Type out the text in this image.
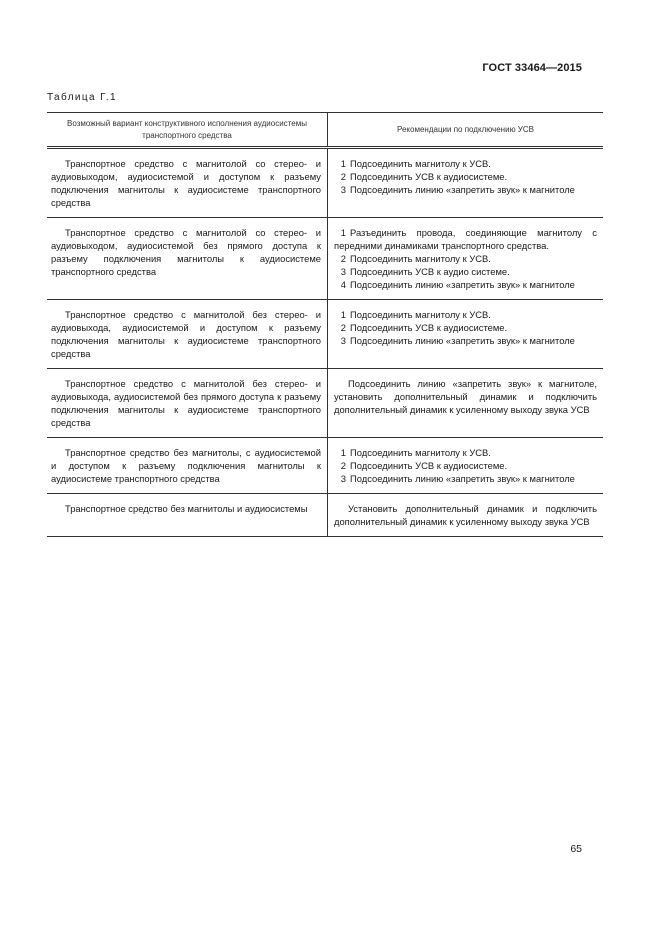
ГОСТ 33464—2015
Таблица Г.1
Возможный вариант конструктивного исполнения аудиосистемы транспортного средства	Рекомендации по подключению УСВ
Транспортное средство с магнитолой со стерео- и аудиовыходом, аудиосистемой и доступом к разъему подключения магнитолы к аудиосистеме транспортного средства	1 Подсоединить магнитолу к УСВ.
2 Подсоединить УСВ к аудиосистеме.
3 Подсоединить линию «запретить звук» к магнитоле

Транспортное средство с магнитолой со стерео- и аудиовыходом, аудиосистемой без прямого доступа к разъему подключения магнитолы к аудиосистеме транспортного средства	1 Разъединить провода, соединяющие магнитолу с передними динамиками транспортного средства.
2 Подсоединить магнитолу к УСВ.
3 Подсоединить УСВ к аудио системе.
4 Подсоединить линию «запретить звук» к магнитоле

Транспортное средство с магнитолой без стерео- и аудиовыхода, аудиосистемой и доступом к разъему подключения магнитолы к аудиосистеме транспортного средства	1 Подсоединить магнитолу к УСВ.
2 Подсоединить УСВ к аудиосистеме.
3 Подсоединить линию «запретить звук» к магнитоле

Транспортное средство с магнитолой без стерео- и аудиовыхода, аудиосистемой без прямого доступа к разъему подключения магнитолы к аудиосистеме транспортного средства	Подсоединить линию «запретить звук» к магнитоле, установить дополнительный динамик и подключить дополнительный динамик к усиленному выходу звука УСВ

Транспортное средство без магнитолы, с аудиосистемой и доступом к разъему подключения магнитолы к аудиосистеме транспортного средства	1 Подсоединить магнитолу к УСВ.
2 Подсоединить УСВ к аудиосистеме.
3 Подсоединить линию «запретить звук» к магнитоле

Транспортное средство без магнитолы и аудиосистемы	Установить дополнительный динамик и подключить дополнительный динамик к усиленному выходу звука УСВ
65
